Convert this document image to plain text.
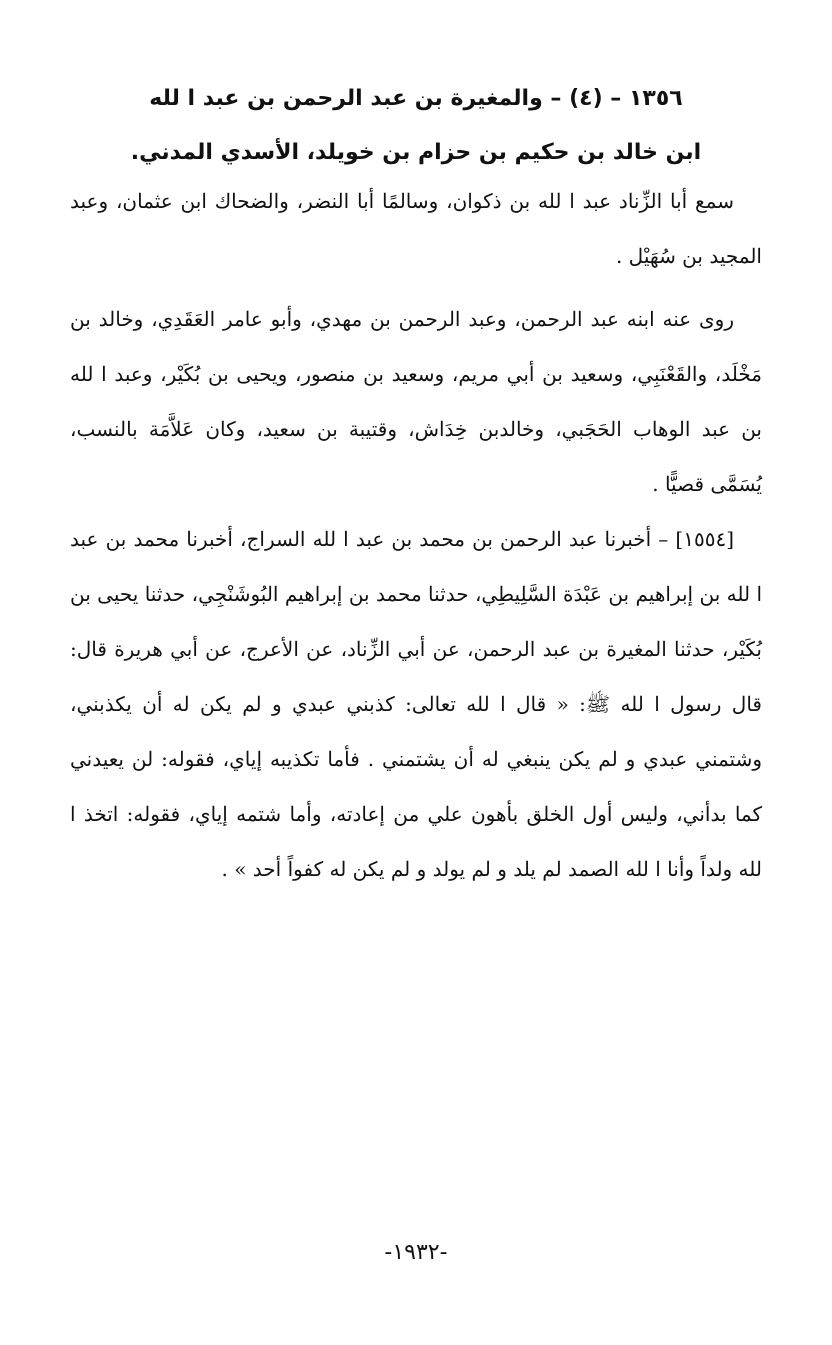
١٣٥٦ – (٤) – والمغيرة بن عبد الرحمن بن عبد ا لله

ابن خالد بن حكيم بن حزام بن خويلد، الأسدي المدني.

سمع أبا الزِّناد عبد ا لله بن ذكوان، وسالمًا أبا النضر، والضحاك ابن عثمان، وعبد المجيد بن سُهَيْل .

روى عنه ابنه عبد الرحمن، وعبد الرحمن بن مهدي، وأبو عامر العَقَدِي، وخالد بن مَخْلَد، والقَعْنَبِي، وسعيد بن أبي مريم، وسعيد بن منصور، ويحيى بن بُكَيْر، وعبد ا لله بن عبد الوهاب الحَجَبي، وخالدبن خِدَاش، وقتيبة بن سعيد، وكان عَلاَّمَة بالنسب، يُسَمَّى قصيًّا .

[١٥٥٤] – أخبرنا عبد الرحمن بن محمد بن عبد ا لله السراج، أخبرنا محمد بن عبد ا لله بن إبراهيم بن عَبْدَة السَّلِيطِي، حدثنا محمد بن إبراهيم البُوشَنْجِي، حدثنا يحيى بن بُكَيْر، حدثنا المغيرة بن عبد الرحمن، عن أبي الزِّناد، عن الأعرج، عن أبي هريرة قال: قال رسول ا لله ﷺ: « قال ا لله تعالى: كذبني عبدي و لم يكن له أن يكذبني، وشتمني عبدي و لم يكن ينبغي له أن يشتمني . فأما تكذيبه إياي، فقوله: لن يعيدني كما بدأني، وليس أول الخلق بأهون علي من إعادته، وأما شتمه إياي، فقوله: اتخذ ا لله ولداً وأنا ا لله الصمد لم يلد و لم يولد و لم يكن له كفواً أحد » .

-١٩٣٢-
